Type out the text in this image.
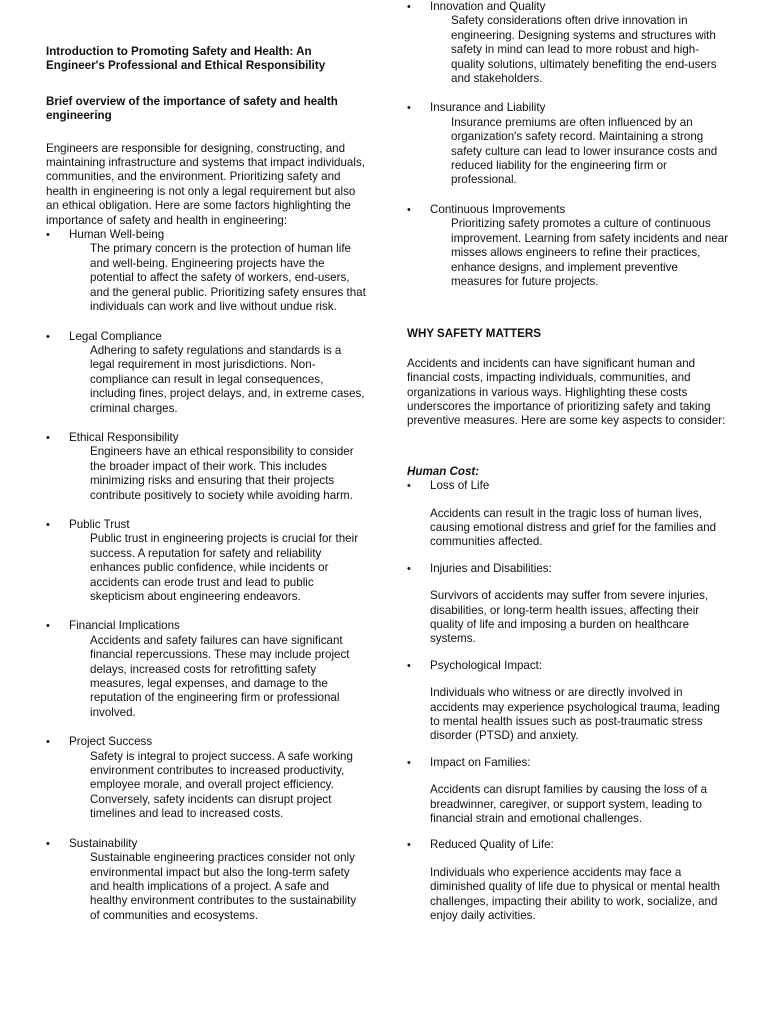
Introduction to Promoting Safety and Health: An Engineer's Professional and Ethical Responsibility

Brief overview of the importance of safety and health engineering

Engineers are responsible for designing, constructing, and maintaining infrastructure and systems that impact individuals, communities, and the environment. Prioritizing safety and health in engineering is not only a legal requirement but also an ethical obligation. Here are some factors highlighting the importance of safety and health in engineering:

•	Human Well-being
The primary concern is the protection of human life and well-being. Engineering projects have the potential to affect the safety of workers, end-users, and the general public. Prioritizing safety ensures that individuals can work and live without undue risk.
•	Legal Compliance
Adhering to safety regulations and standards is a legal requirement in most jurisdictions. Non-compliance can result in legal consequences, including fines, project delays, and, in extreme cases, criminal charges.
•	Ethical Responsibility
Engineers have an ethical responsibility to consider the broader impact of their work. This includes minimizing risks and ensuring that their projects contribute positively to society while avoiding harm.
•	Public Trust
Public trust in engineering projects is crucial for their success. A reputation for safety and reliability enhances public confidence, while incidents or accidents can erode trust and lead to public skepticism about engineering endeavors.
•	Financial Implications
Accidents and safety failures can have significant financial repercussions. These may include project delays, increased costs for retrofitting safety measures, legal expenses, and damage to the reputation of the engineering firm or professional involved.
•	Project Success
Safety is integral to project success. A safe working environment contributes to increased productivity, employee morale, and overall project efficiency. Conversely, safety incidents can disrupt project timelines and lead to increased costs.
•	Sustainability
Sustainable engineering practices consider not only environmental impact but also the long-term safety and health implications of a project. A safe and healthy environment contributes to the sustainability of communities and ecosystems.
•	Innovation and Quality
Safety considerations often drive innovation in engineering. Designing systems and structures with safety in mind can lead to more robust and high-quality solutions, ultimately benefiting the end-users and stakeholders.
•	Insurance and Liability
Insurance premiums are often influenced by an organization's safety record. Maintaining a strong safety culture can lead to lower insurance costs and reduced liability for the engineering firm or professional.
•	Continuous Improvements
Prioritizing safety promotes a culture of continuous improvement. Learning from safety incidents and near misses allows engineers to refine their practices, enhance designs, and implement preventive measures for future projects.

WHY SAFETY MATTERS

Accidents and incidents can have significant human and financial costs, impacting individuals, communities, and organizations in various ways. Highlighting these costs underscores the importance of prioritizing safety and taking preventive measures. Here are some key aspects to consider:

Human Cost:

•	Loss of Life
Accidents can result in the tragic loss of human lives, causing emotional distress and grief for the families and communities affected.
•	Injuries and Disabilities:
Survivors of accidents may suffer from severe injuries, disabilities, or long-term health issues, affecting their quality of life and imposing a burden on healthcare systems.
•	Psychological Impact:
Individuals who witness or are directly involved in accidents may experience psychological trauma, leading to mental health issues such as post-traumatic stress disorder (PTSD) and anxiety.
•	Impact on Families:
Accidents can disrupt families by causing the loss of a breadwinner, caregiver, or support system, leading to financial strain and emotional challenges.
•	Reduced Quality of Life:
Individuals who experience accidents may face a diminished quality of life due to physical or mental health challenges, impacting their ability to work, socialize, and enjoy daily activities.
